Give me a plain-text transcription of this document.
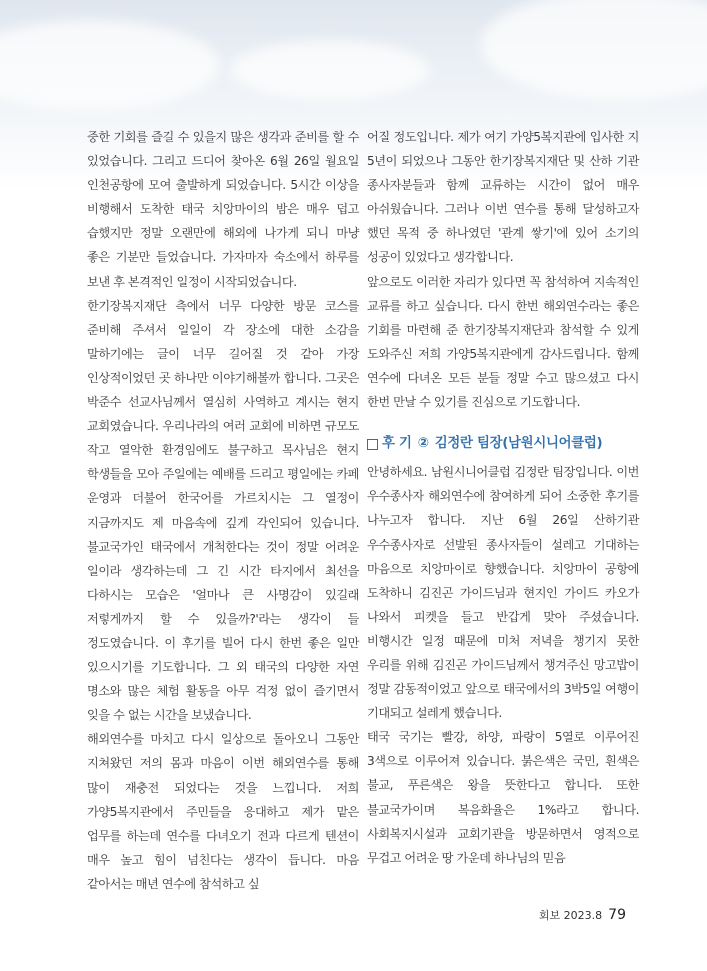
중한 기회를 즐길 수 있을지 많은 생각과 준비를 할 수 있었습니다. 그리고 드디어 찾아온 6월 26일 월요일 인천공항에 모여 출발하게 되었습니다. 5시간 이상을 비행해서 도착한 태국 치앙마이의 밤은 매우 덥고 습했지만 정말 오랜만에 해외에 나가게 되니 마냥 좋은 기분만 들었습니다. 가자마자 숙소에서 하루를 보낸 후 본격적인 일정이 시작되었습니다.

한기장복지재단 측에서 너무 다양한 방문 코스를 준비해 주셔서 일일이 각 장소에 대한 소감을 말하기에는 글이 너무 길어질 것 같아 가장 인상적이었던 곳 하나만 이야기해볼까 합니다. 그곳은 박준수 선교사님께서 열심히 사역하고 계시는 현지 교회였습니다. 우리나라의 여러 교회에 비하면 규모도 작고 열악한 환경임에도 불구하고 목사님은 현지 학생들을 모아 주일에는 예배를 드리고 평일에는 카페 운영과 더불어 한국어를 가르치시는 그 열정이 지금까지도 제 마음속에 깊게 각인되어 있습니다. 불교국가인 태국에서 개척한다는 것이 정말 어려운 일이라 생각하는데 그 긴 시간 타지에서 최선을 다하시는 모습은 '얼마나 큰 사명감이 있길래 저렇게까지 할 수 있을까?'라는 생각이 들 정도였습니다. 이 후기를 빌어 다시 한번 좋은 일만 있으시기를 기도합니다. 그 외 태국의 다양한 자연 명소와 많은 체험 활동을 아무 걱정 없이 즐기면서 잊을 수 없는 시간을 보냈습니다.

해외연수를 마치고 다시 일상으로 돌아오니 그동안 지쳐왔던 저의 몸과 마음이 이번 해외연수를 통해 많이 재충전 되었다는 것을 느낍니다. 저희 가양5복지관에서 주민들을 응대하고 제가 맡은 업무를 하는데 연수를 다녀오기 전과 다르게 텐션이 매우 높고 힘이 넘친다는 생각이 듭니다. 마음 같아서는 매년 연수에 참석하고 싶

어질 정도입니다. 제가 여기 가양5복지관에 입사한 지 5년이 되었으나 그동안 한기장복지재단 및 산하 기관 종사자분들과 함께 교류하는 시간이 없어 매우 아쉬웠습니다. 그러나 이번 연수를 통해 달성하고자 했던 목적 중 하나였던 '관계 쌓기'에 있어 소기의 성공이 있었다고 생각합니다.

앞으로도 이러한 자리가 있다면 꼭 참석하여 지속적인 교류를 하고 싶습니다. 다시 한번 해외연수라는 좋은 기회를 마련해 준 한기장복지재단과 참석할 수 있게 도와주신 저희 가양5복지관에게 감사드립니다. 함께 연수에 다녀온 모든 분들 정말 수고 많으셨고 다시 한번 만날 수 있기를 진심으로 기도합니다.

후 기 ② 김정란 팀장(남원시니어클럽)

안녕하세요. 남원시니어클럽 김정란 팀장입니다. 이번 우수종사자 해외연수에 참여하게 되어 소중한 후기를 나누고자 합니다. 지난 6월 26일 산하기관 우수종사자로 선발된 종사자들이 설레고 기대하는 마음으로 치앙마이로 향했습니다. 치앙마이 공항에 도착하니 김진곤 가이드님과 현지인 가이드 카오가 나와서 피켓을 들고 반갑게 맞아 주셨습니다. 비행시간 일정 때문에 미처 저녁을 챙기지 못한 우리를 위해 김진곤 가이드님께서 챙겨주신 망고밥이 정말 감동적이었고 앞으로 태국에서의 3박5일 여행이 기대되고 설레게 했습니다.

태국 국기는 빨강, 하양, 파랑이 5열로 이루어진 3색으로 이루어져 있습니다. 붉은색은 국민, 흰색은 불교, 푸른색은 왕을 뜻한다고 합니다. 또한 불교국가이며 복음화율은 1%라고 합니다. 사회복지시설과 교회기관을 방문하면서 영적으로 무겁고 어려운 땅 가운데 하나님의 믿음

회보 2023.8 79
